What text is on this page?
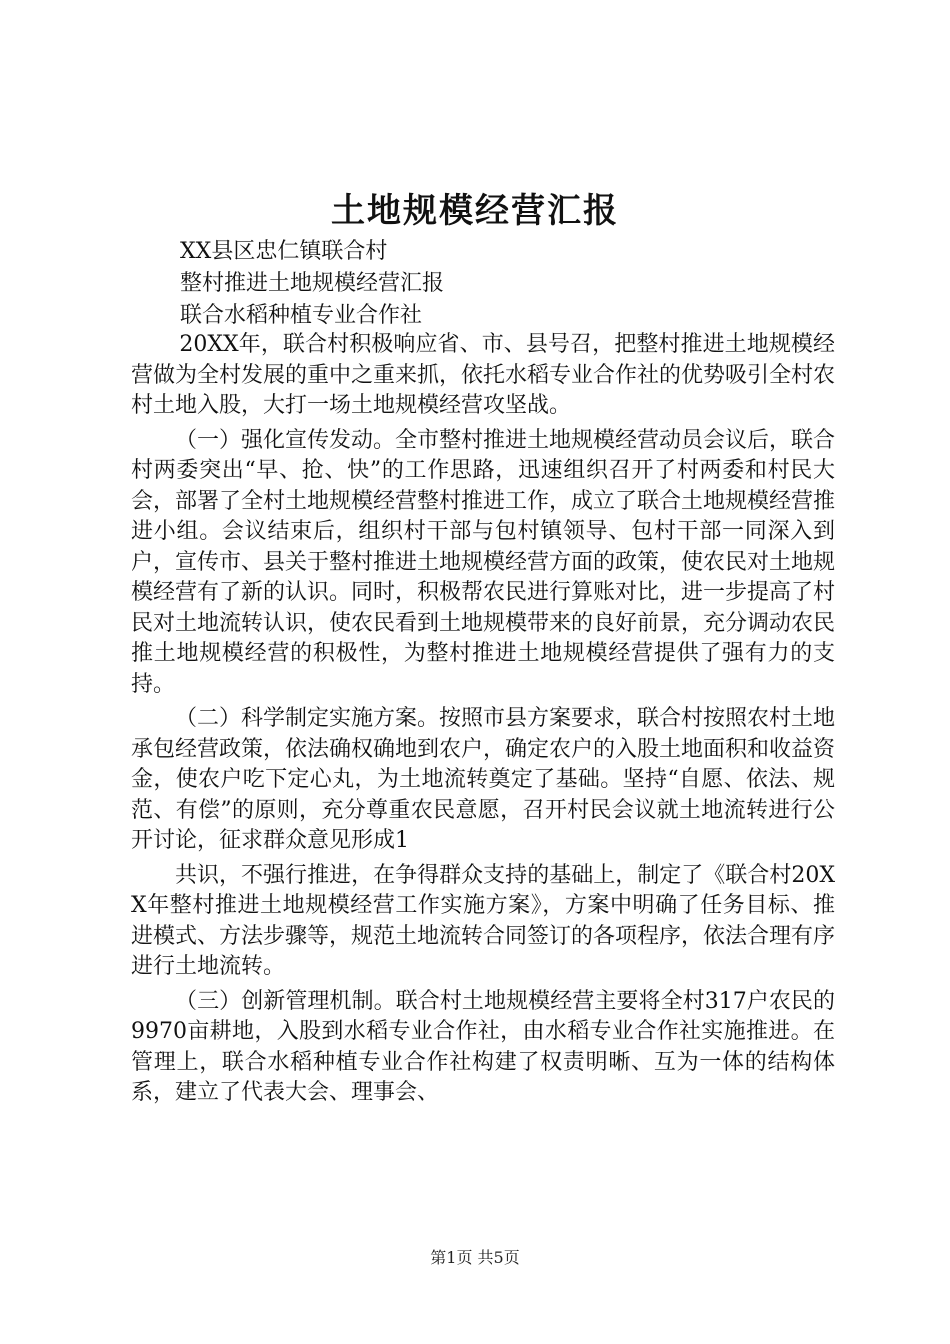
土地规模经营汇报
XX县区忠仁镇联合村
整村推进土地规模经营汇报
联合水稻种植专业合作社

20XX年，联合村积极响应省、市、县号召，把整村推进土地规模经营做为全村发展的重中之重来抓，依托水稻专业合作社的优势吸引全村农村土地入股，大打一场土地规模经营攻坚战。

（一）强化宣传发动。全市整村推进土地规模经营动员会议后，联合村两委突出“早、抢、快”的工作思路，迅速组织召开了村两委和村民大会，部署了全村土地规模经营整村推进工作，成立了联合土地规模经营推进小组。会议结束后，组织村干部与包村镇领导、包村干部一同深入到户，宣传市、县关于整村推进土地规模经营方面的政策，使农民对土地规模经营有了新的认识。同时，积极帮农民进行算账对比，进一步提高了村民对土地流转认识，使农民看到土地规模带来的良好前景，充分调动农民推土地规模经营的积极性，为整村推进土地规模经营提供了强有力的支持。

（二）科学制定实施方案。按照市县方案要求，联合村按照农村土地承包经营政策，依法确权确地到农户，确定农户的入股土地面积和收益资金，使农户吃下定心丸，为土地流转奠定了基础。坚持“自愿、依法、规范、有偿”的原则，充分尊重农民意愿，召开村民会议就土地流转进行公开讨论，征求群众意见形成1

共识，不强行推进，在争得群众支持的基础上，制定了《联合村20XX年整村推进土地规模经营工作实施方案》，方案中明确了任务目标、推进模式、方法步骤等，规范土地流转合同签订的各项程序，依法合理有序进行土地流转。

（三）创新管理机制。联合村土地规模经营主要将全村317户农民的9970亩耕地，入股到水稻专业合作社，由水稻专业合作社实施推进。在管理上，联合水稻种植专业合作社构建了权责明晰、互为一体的结构体系，建立了代表大会、理事会、

第1页 共5页
